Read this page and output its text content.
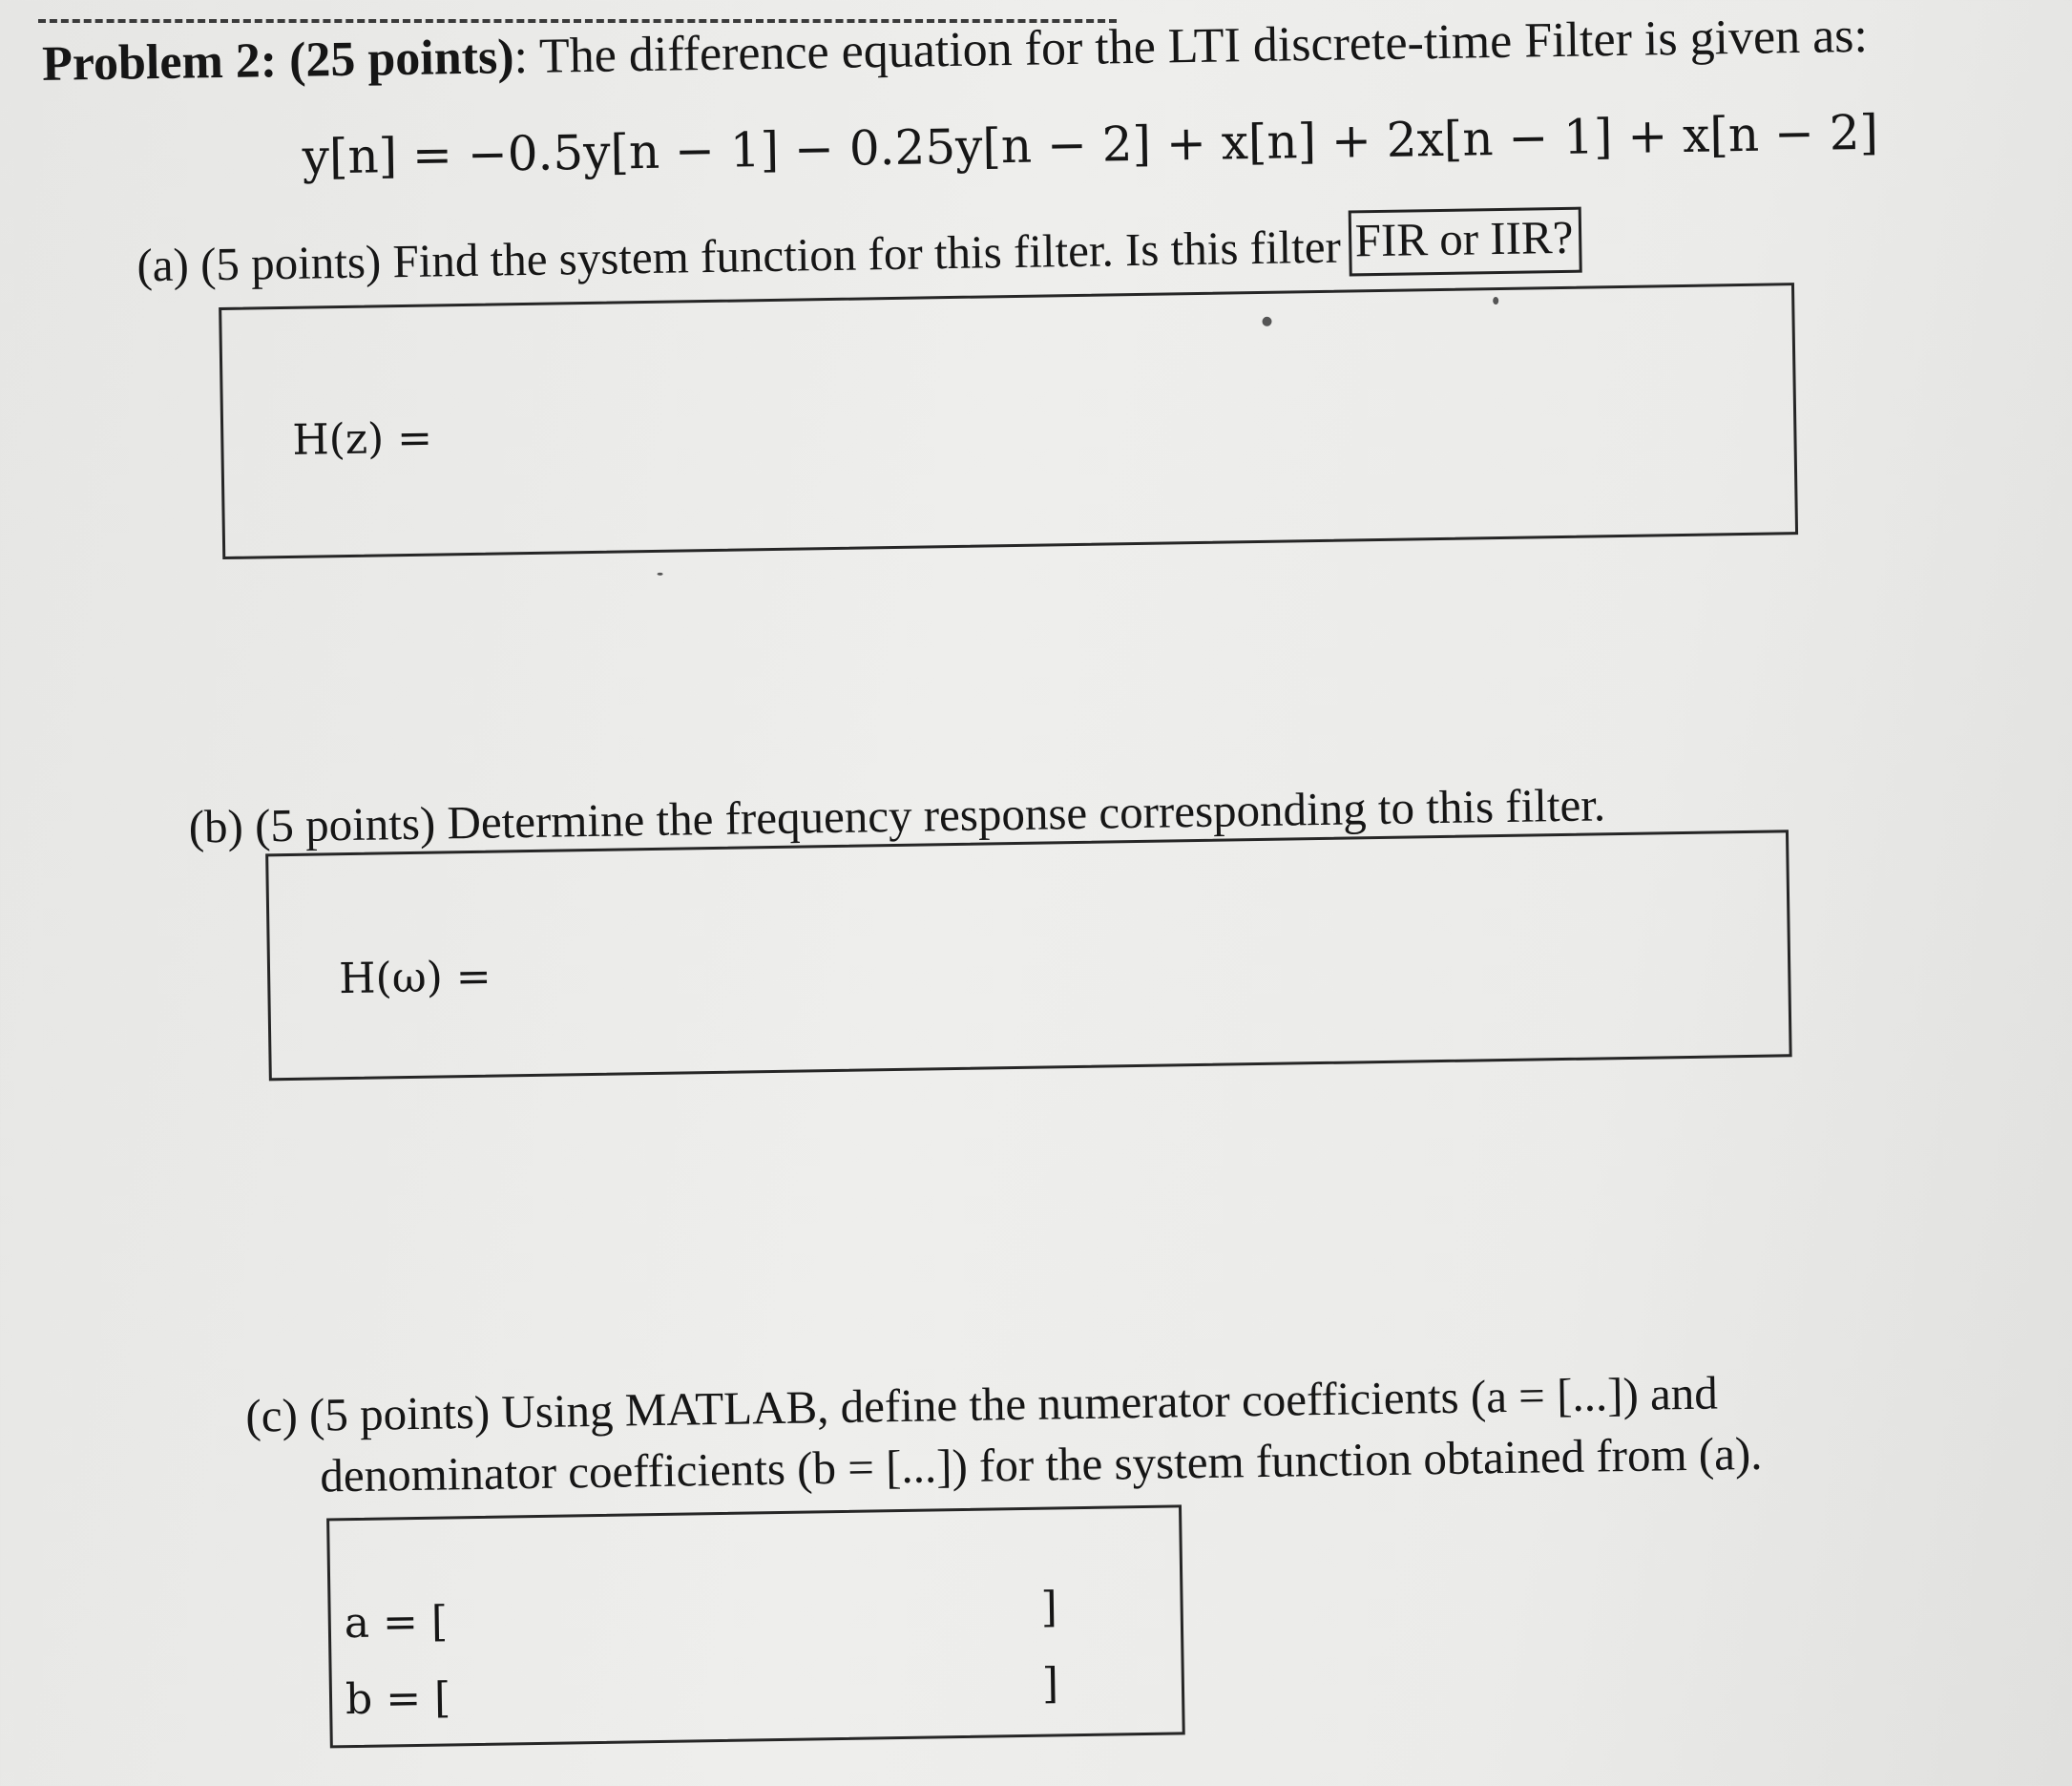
Problem 2: (25 points): The difference equation for the LTI discrete-time Filter is given as:
y[n] = −0.5y[n − 1] − 0.25y[n − 2] + x[n] + 2x[n − 1] + x[n − 2]
(a) (5 points) Find the system function for this filter. Is this filter FIR or IIR?
H(z) =
(b) (5 points) Determine the frequency response corresponding to this filter.
H(ω) =
(c) (5 points) Using MATLAB, define the numerator coefficients (a = [...]) and
denominator coefficients (b = [...]) for the system function obtained from (a).
a = [
b = [
]
]
